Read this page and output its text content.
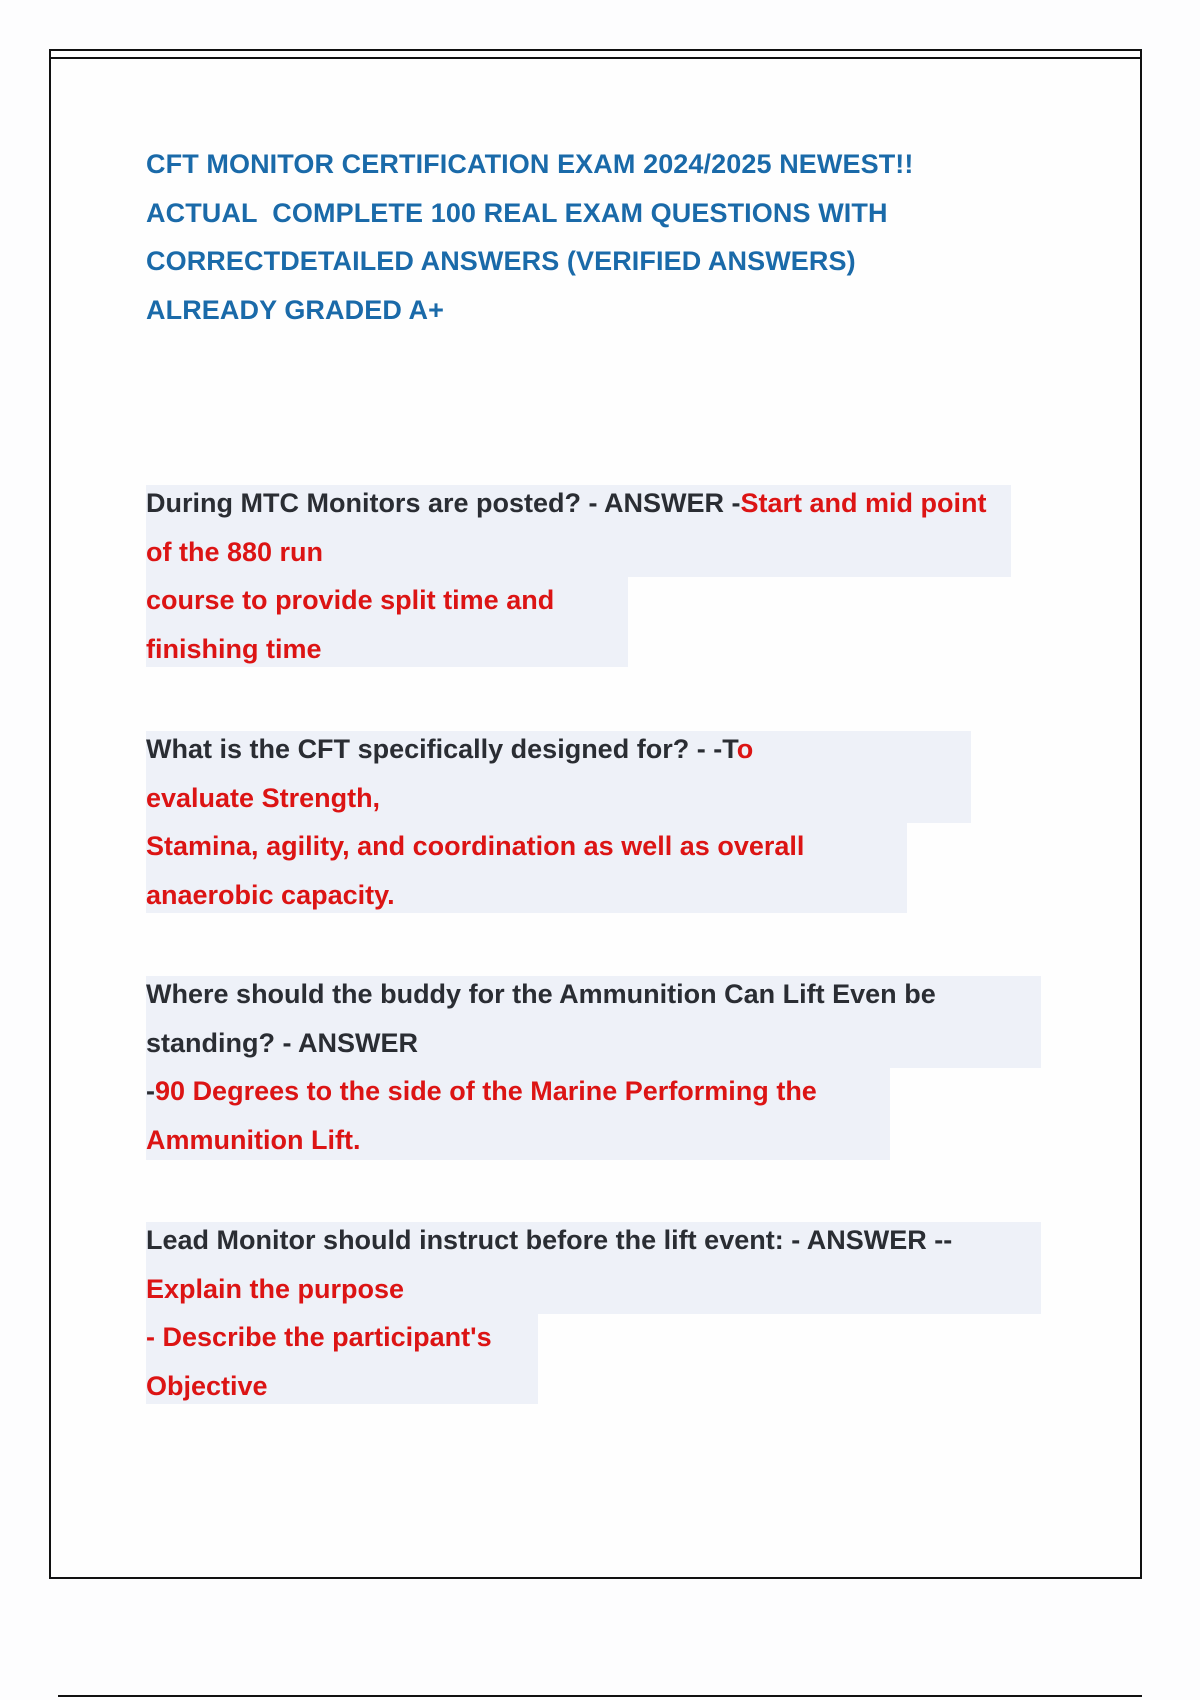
CFT MONITOR CERTIFICATION EXAM 2024/2025 NEWEST!!
ACTUAL  COMPLETE 100 REAL EXAM QUESTIONS WITH
CORRECTDETAILED ANSWERS (VERIFIED ANSWERS)
ALREADY GRADED A+
During MTC Monitors are posted? - ANSWER -Start and mid point
of the 880 run
course to provide split time and
finishing time
What is the CFT specifically designed for? - -To
evaluate Strength,
Stamina, agility, and coordination as well as overall
anaerobic capacity.
Where should the buddy for the Ammunition Can Lift Even be
standing? - ANSWER
-90 Degrees to the side of the Marine Performing the
Ammunition Lift.
Lead Monitor should instruct before the lift event: - ANSWER --
Explain the purpose
- Describe the participant's
Objective
